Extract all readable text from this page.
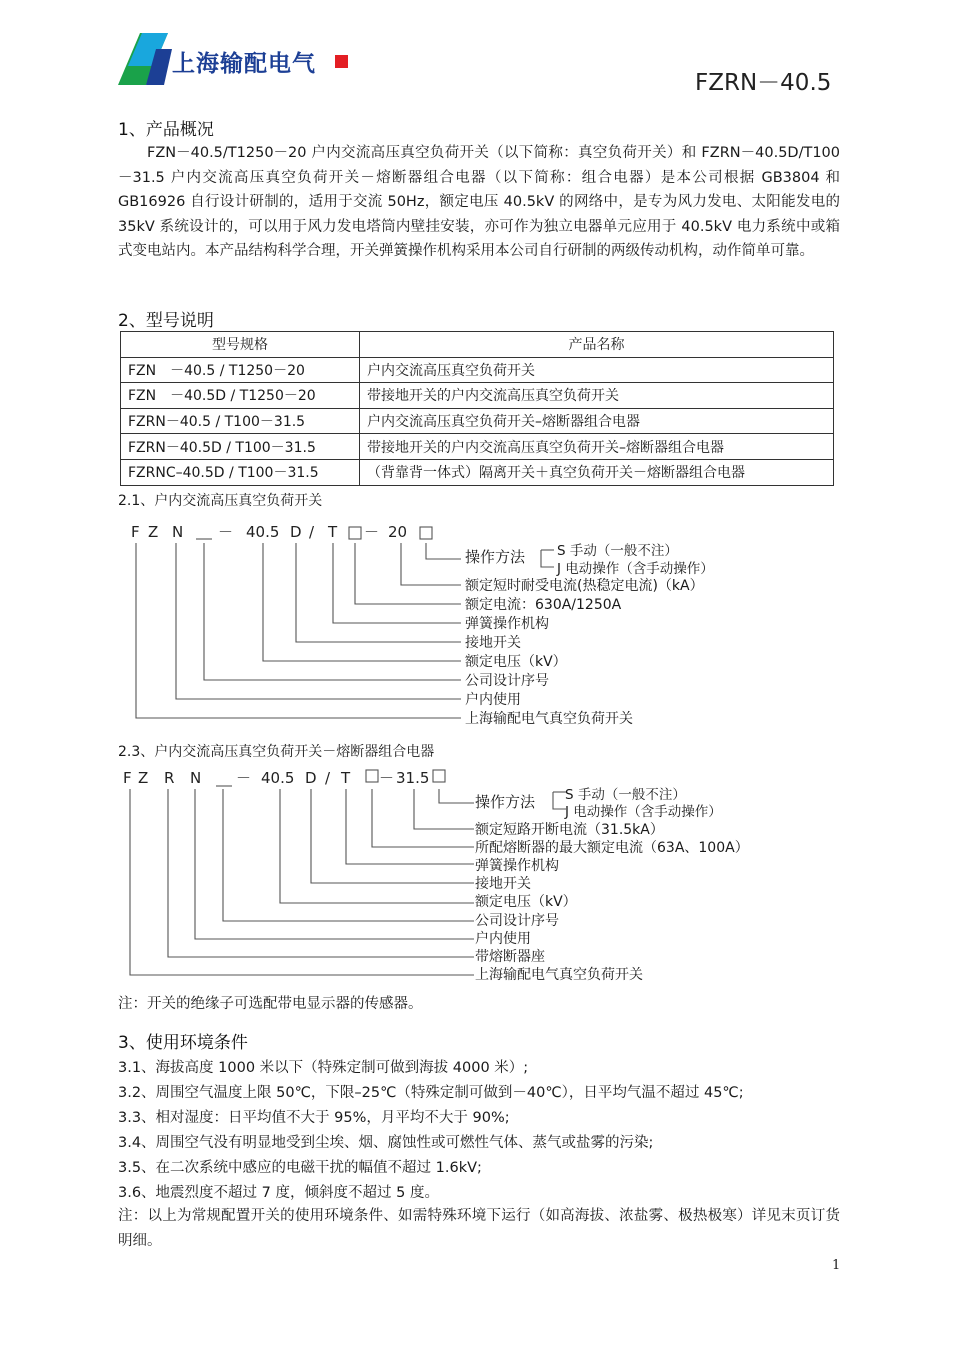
上海输配电气
FZRN－40.5
1、产品概况

FZN－40.5/T1250－20 户内交流高压真空负荷开关（以下简称：真空负荷开关）和 FZRN－40.5D/T100－31.5 户内交流高压真空负荷开关－熔断器组合电器（以下简称：组合电器）是本公司根据 GB3804 和 GB16926 自行设计研制的，适用于交流 50Hz，额定电压 40.5kV 的网络中，是专为风力发电、太阳能发电的 35kV 系统设计的，可以用于风力发电塔筒内壁挂安装，亦可作为独立电器单元应用于 40.5kV 电力系统中或箱式变电站内。本产品结构科学合理，开关弹簧操作机构采用本公司自行研制的两级传动机构，动作简单可靠。

2、型号说明
型号规格	产品名称
FZN　－40.5 / T1250－20	户内交流高压真空负荷开关
FZN　－40.5D / T1250－20	带接地开关的户内交流高压真空负荷开关
FZRN－40.5 / T100－31.5	户内交流高压真空负荷开关–熔断器组合电器
FZRN－40.5D / T100－31.5	带接地开关的户内交流高压真空负荷开关–熔断器组合电器
FZRNC–40.5D / T100－31.5	（背靠背一体式）隔离开关＋真空负荷开关－熔断器组合电器
2.1、户内交流高压真空负荷开关
F Z N － 40.5 D / T － 20
操作方法 S 手动（一般不注）
J 电动操作（含手动操作）
额定短时耐受电流(热稳定电流)（kA）
额定电流：630A/1250A
弹簧操作机构
接地开关
额定电压（kV）
公司设计序号
户内使用
上海输配电气真空负荷开关
2.3、户内交流高压真空负荷开关－熔断器组合电器
F Z R N － 40.5 D / T － 31.5
操作方法 S 手动（一般不注）
J 电动操作（含手动操作）
额定短路开断电流（31.5kA）
所配熔断器的最大额定电流（63A、100A）
弹簧操作机构
接地开关
额定电压（kV）
公司设计序号
户内使用
带熔断器座
上海输配电气真空负荷开关
注：开关的绝缘子可选配带电显示器的传感器。
3、使用环境条件
3.1、海拔高度 1000 米以下（特殊定制可做到海拔 4000 米）;
3.2、周围空气温度上限 50℃，下限–25℃（特殊定制可做到－40℃），日平均气温不超过 45℃;
3.3、相对湿度：日平均值不大于 95%，月平均不大于 90%;
3.4、周围空气没有明显地受到尘埃、烟、腐蚀性或可燃性气体、蒸气或盐雾的污染;
3.5、在二次系统中感应的电磁干扰的幅值不超过 1.6kV;
3.6、地震烈度不超过 7 度，倾斜度不超过 5 度。
注：以上为常规配置开关的使用环境条件、如需特殊环境下运行（如高海拔、浓盐雾、极热极寒）详见末页订货明细。
1
